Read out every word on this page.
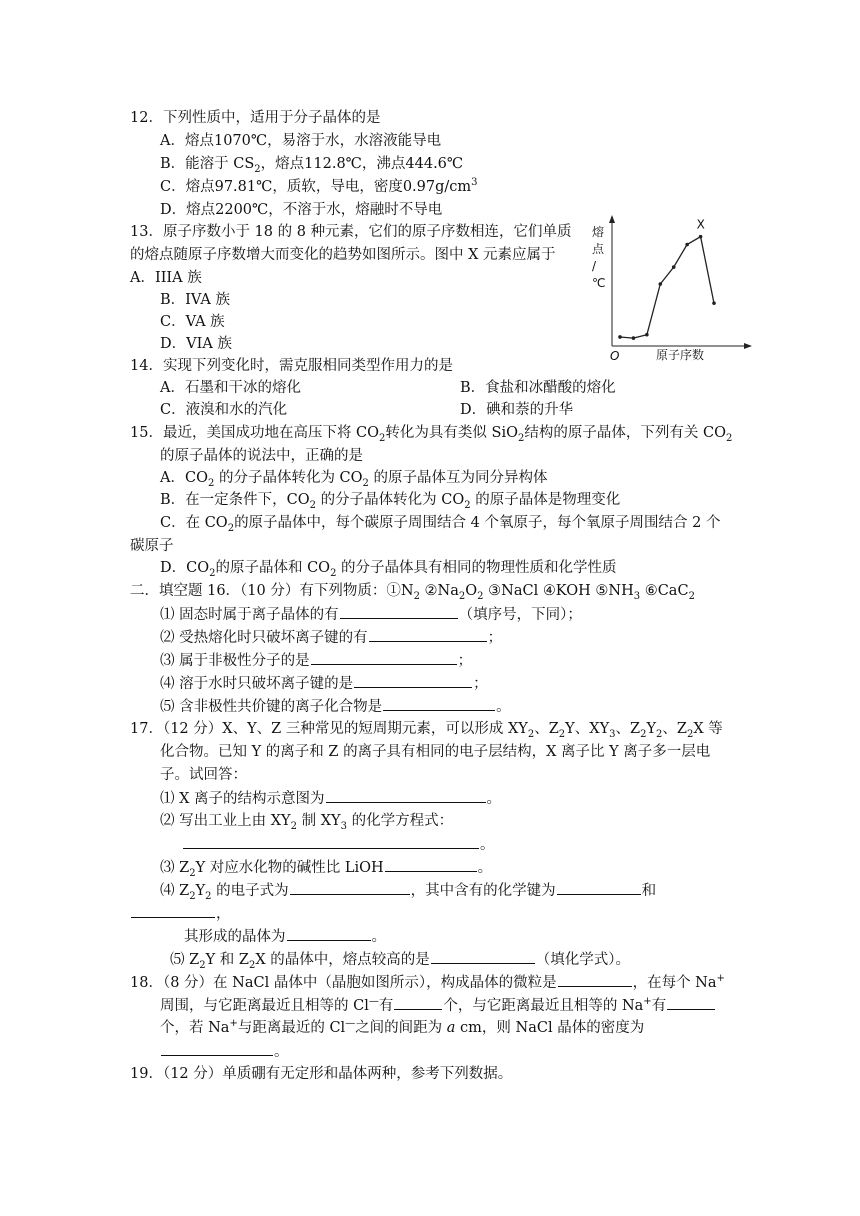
12．下列性质中，适用于分子晶体的是
A．熔点1070℃，易溶于水，水溶液能导电
B．能溶于 $CS_2$，熔点112.8℃，沸点444.6℃
C．熔点97.81℃，质软，导电，密度$0.97g/cm^3$
D．熔点2200℃，不溶于水，熔融时不导电
13．原子序数小于 18 的 8 种元素，它们的原子序数相连，它们单质
的熔点随原子序数增大而变化的趋势如图所示。图中 X 元素应属于
A．IIIA 族
B．IVA 族
C．VA 族
D．VIA 族
熔
点
/
℃
O	原子序数
X
14．实现下列变化时，需克服相同类型作用力的是
A．石墨和干冰的熔化	B．食盐和冰醋酸的熔化
C．液溴和水的汽化	D．碘和萘的升华
15．最近，美国成功地在高压下将 $CO_2$转化为具有类似 SiO$_2$结构的原子晶体，下列有关 $CO_2$
的原子晶体的说法中，正确的是
A．$CO_2$ 的分子晶体转化为 $CO_2$ 的原子晶体互为同分异构体
B．在一定条件下，$CO_2$ 的分子晶体转化为 $CO_2$ 的原子晶体是物理变化
C．在 $CO_2$的原子晶体中，每个碳原子周围结合 4 个氧原子，每个氧原子周围结合 2 个
碳原子
D．$CO_2$的原子晶体和 $CO_2$ 的分子晶体具有相同的物理性质和化学性质
二．填空题 16．（10 分）有下列物质：$①N_2$ $②Na_2O_2$ ③NaCl ④KOH $⑤NH_3$ ⑥CaC$_2$
⑴ 固态时属于离子晶体的有	（填序号，下同）；
⑵ 受热熔化时只破坏离子键的有	；
⑶ 属于非极性分子的是	；
⑷ 溶于水时只破坏离子键的是	；
⑸ 含非极性共价键的离子化合物是	。
17．（12 分）X、Y、Z 三种常见的短周期元素，可以形成 $XY_2$、$Z_2Y$、$XY_3$、$Z_2Y_2$、$Z_2X$ 等
化合物。已知 Y 的离子和 Z 的离子具有相同的电子层结构，X 离子比 Y 离子多一层电
子。试回答：
⑴ X 离子的结构示意图为	。
⑵ 写出工业上由 $XY_2$ 制 $XY_3$ 的化学方程式：
。
⑶ $Z_2Y$ 对应水化物的碱性比 LiOH	。
⑷ $Z_2Y_2$ 的电子式为	，其中含有的化学键为	和
，
其形成的晶体为	。
⑸ $Z_2Y$ 和 $Z_2X$ 的晶体中，熔点较高的是	（填化学式）。
18．（8 分）在 NaCl 晶体中（晶胞如图所示），构成晶体的微粒是	，在每个 Na+
周围，与它距离最近且相等的 Cl—有	个，与它距离最近且相等的 Na+有
个，若 Na+与距离最近的 Cl—之间的间距为 a cm，则 NaCl 晶体的密度为
。
19．（12 分）单质硼有无定形和晶体两种，参考下列数据。
